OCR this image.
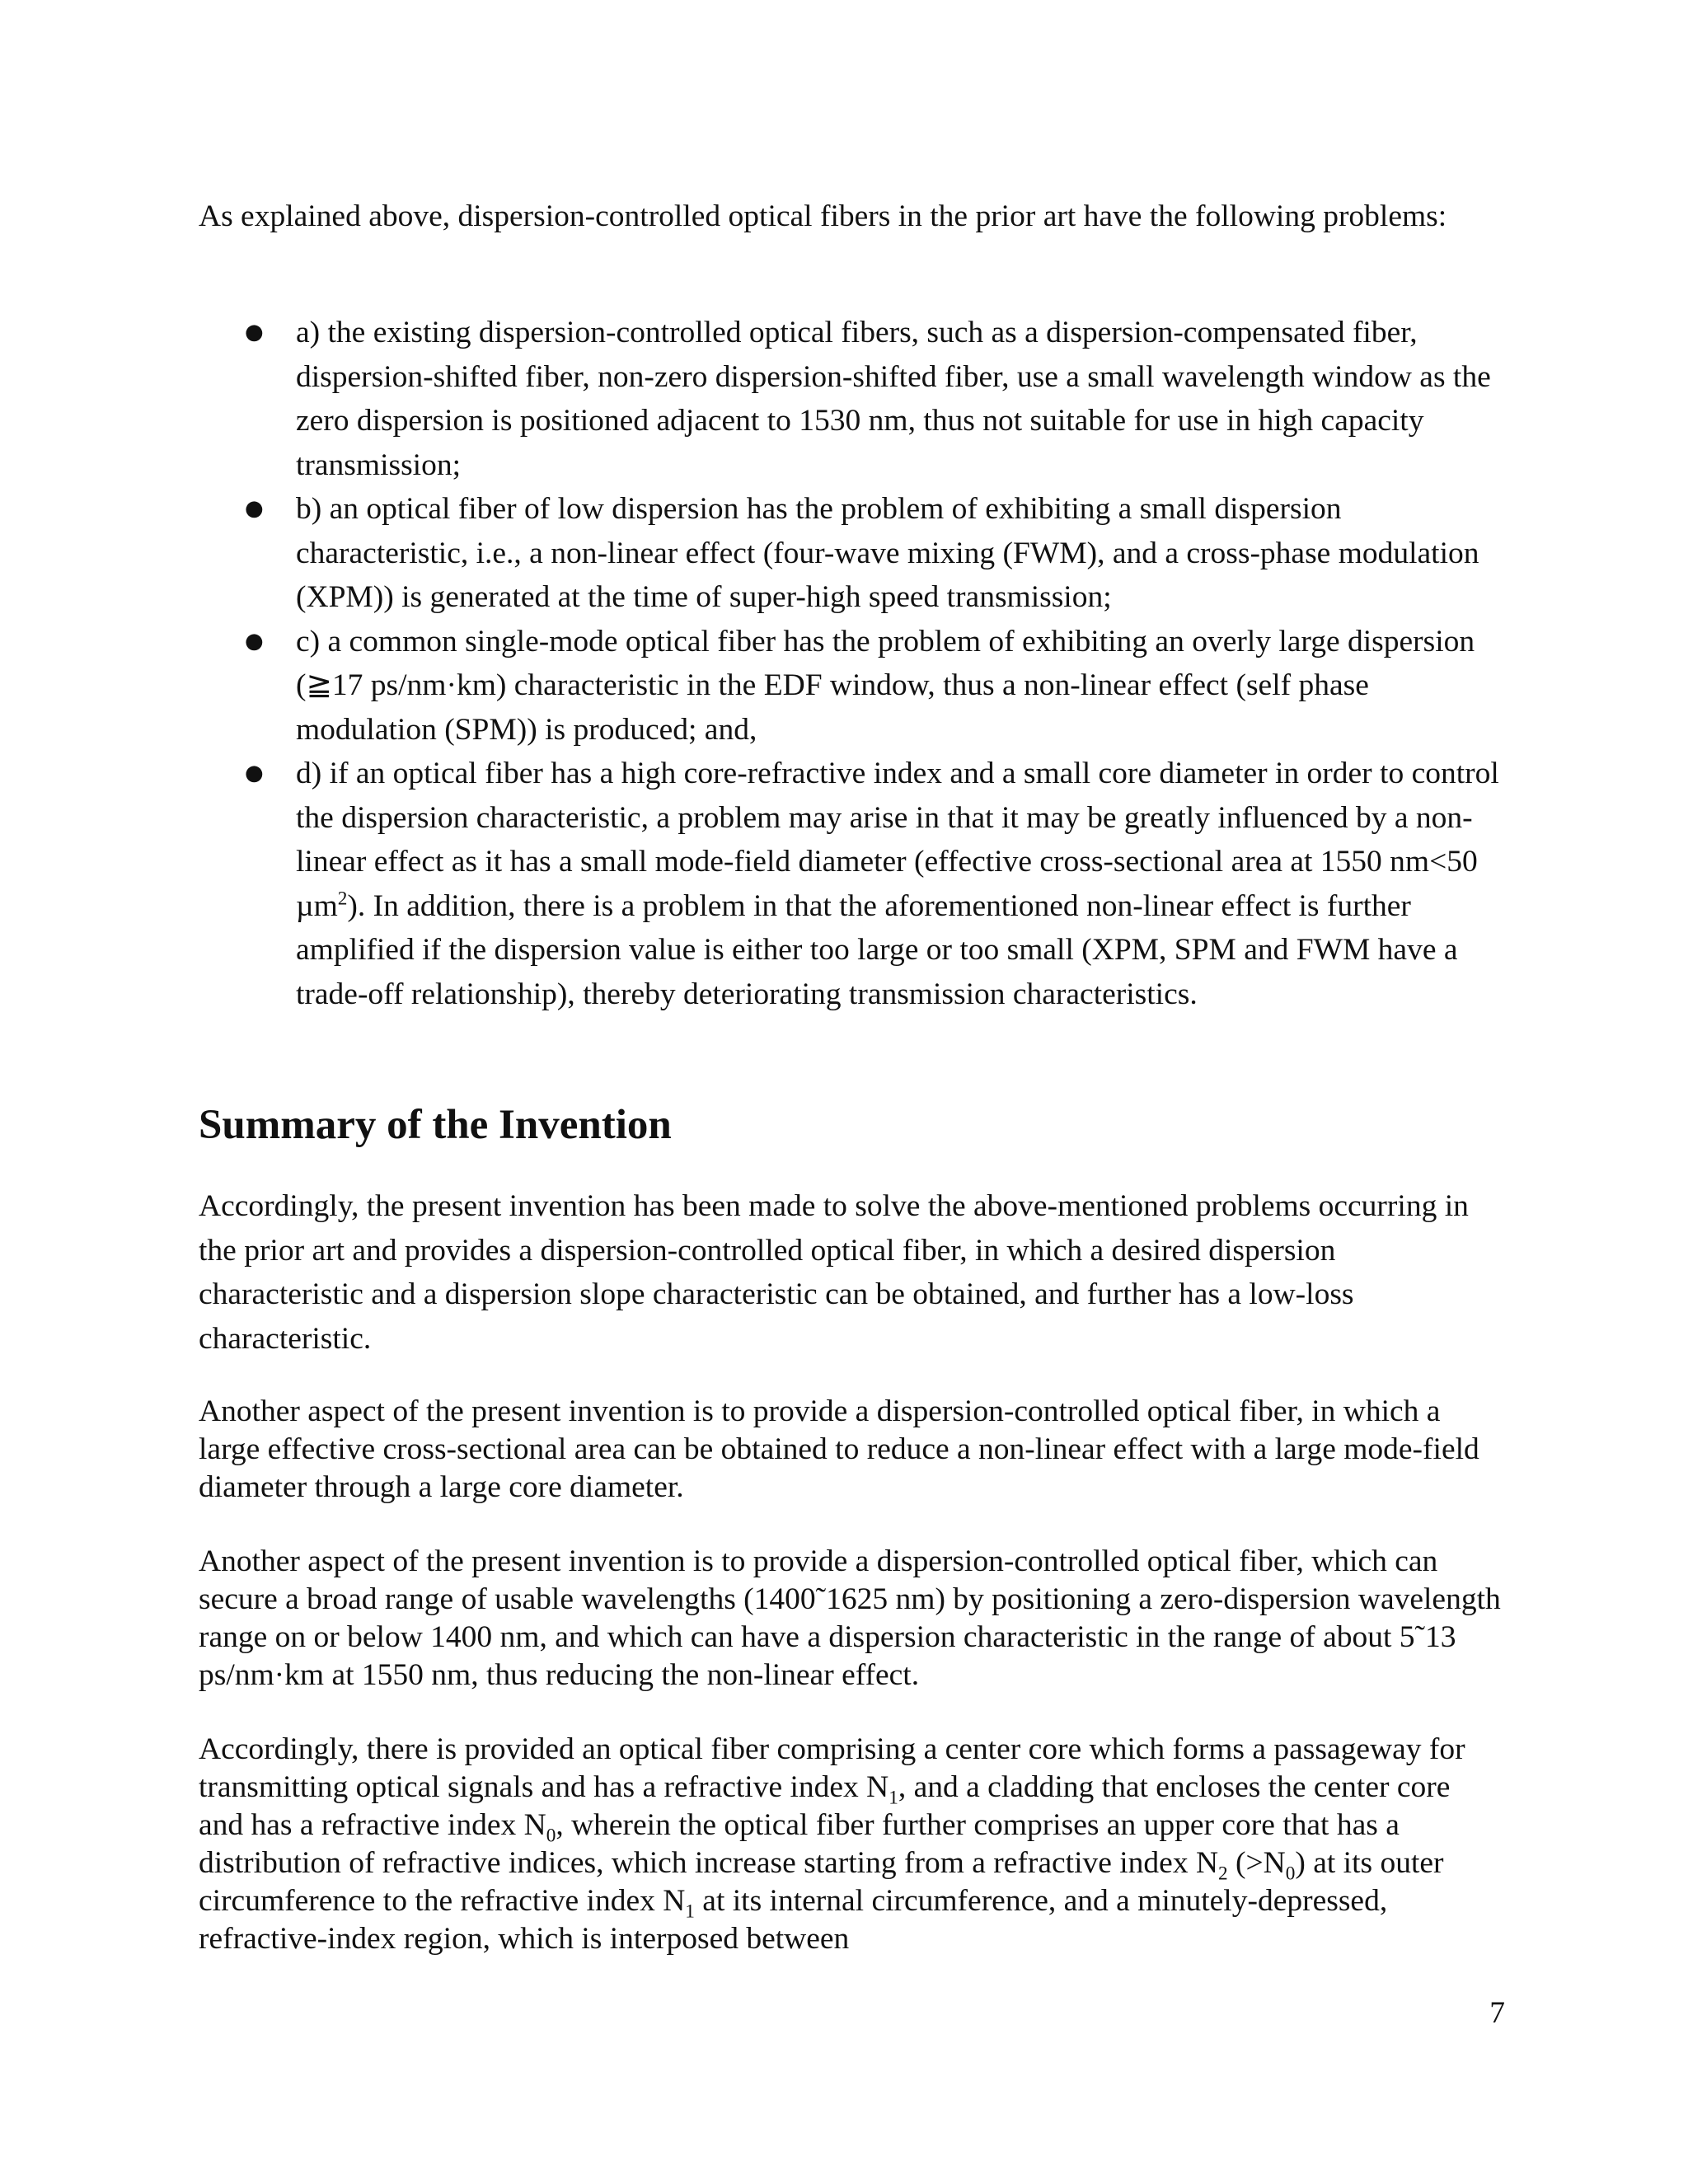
As explained above, dispersion-controlled optical fibers in the prior art have the following problems:
● a) the existing dispersion-controlled optical fibers, such as a dispersion-compensated fiber, dispersion-shifted fiber, non-zero dispersion-shifted fiber, use a small wavelength window as the zero dispersion is positioned adjacent to 1530 nm, thus not suitable for use in high capacity transmission;
● b) an optical fiber of low dispersion has the problem of exhibiting a small dispersion characteristic, i.e., a non-linear effect (four-wave mixing (FWM), and a cross-phase modulation (XPM)) is generated at the time of super-high speed transmission;
● c) a common single-mode optical fiber has the problem of exhibiting an overly large dispersion (≧17 ps/nm·km) characteristic in the EDF window, thus a non-linear effect (self phase modulation (SPM)) is produced; and,
● d) if an optical fiber has a high core-refractive index and a small core diameter in order to control the dispersion characteristic, a problem may arise in that it may be greatly influenced by a non-linear effect as it has a small mode-field diameter (effective cross-sectional area at 1550 nm<50 µm$^2$). In addition, there is a problem in that the aforementioned non-linear effect is further amplified if the dispersion value is either too large or too small (XPM, SPM and FWM have a trade-off relationship), thereby deteriorating transmission characteristics.
Summary of the Invention
Accordingly, the present invention has been made to solve the above-mentioned problems occurring in the prior art and provides a dispersion-controlled optical fiber, in which a desired dispersion characteristic and a dispersion slope characteristic can be obtained, and further has a low-loss characteristic.
Another aspect of the present invention is to provide a dispersion-controlled optical fiber, in which a large effective cross-sectional area can be obtained to reduce a non-linear effect with a large mode-field diameter through a large core diameter.
Another aspect of the present invention is to provide a dispersion-controlled optical fiber, which can secure a broad range of usable wavelengths (1400˜1625 nm) by positioning a zero-dispersion wavelength range on or below 1400 nm, and which can have a dispersion characteristic in the range of about 5˜13 ps/nm·km at 1550 nm, thus reducing the non-linear effect.
Accordingly, there is provided an optical fiber comprising a center core which forms a passageway for transmitting optical signals and has a refractive index $N_1$, and a cladding that encloses the center core and has a refractive index $N_0$, wherein the optical fiber further comprises an upper core that has a distribution of refractive indices, which increase starting from a refractive index $N_2$ $(>N_0)$ at its outer circumference to the refractive index $N_1$ at its internal circumference, and a minutely-depressed, refractive-index region, which is interposed between
7
